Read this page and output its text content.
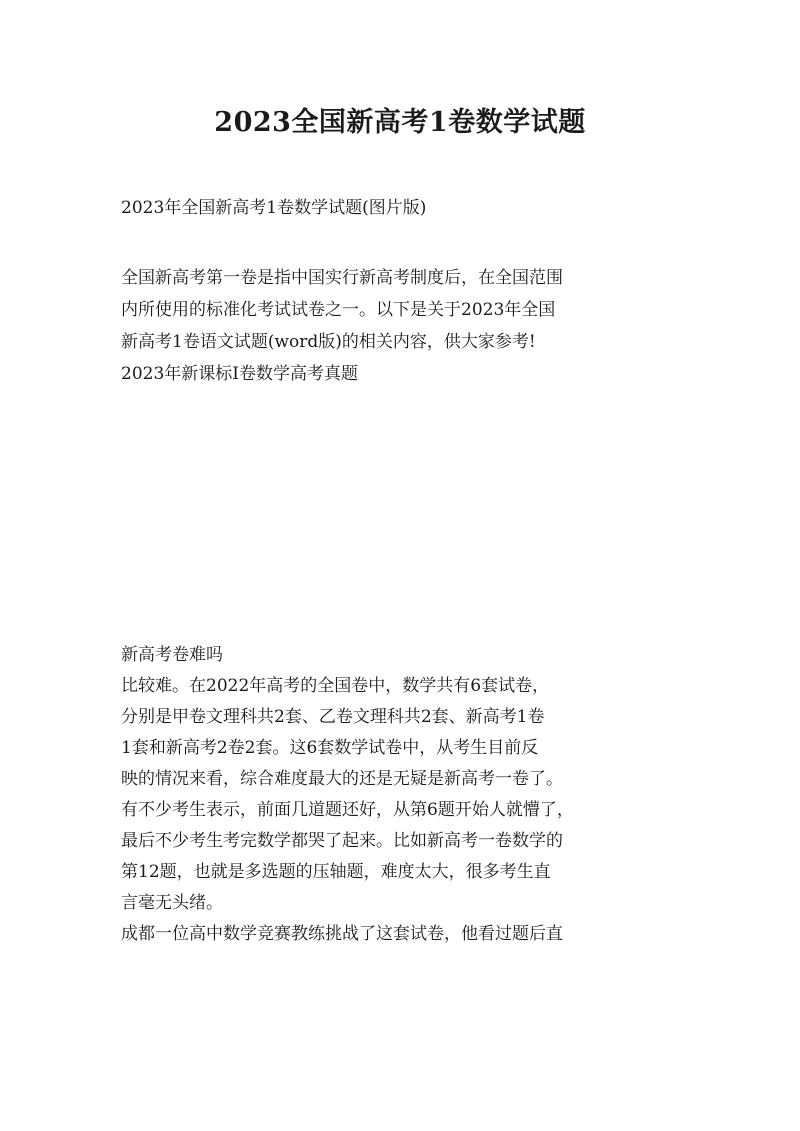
2023全国新高考1卷数学试题

2023年全国新高考1卷数学试题(图片版)

全国新高考第一卷是指中国实行新高考制度后，在全国范围
内所使用的标准化考试试卷之一。以下是关于2023年全国
新高考1卷语文试题(word版)的相关内容，供大家参考!
2023年新课标I卷数学高考真题
新高考卷难吗
比较难。在2022年高考的全国卷中，数学共有6套试卷，
分别是甲卷文理科共2套、乙卷文理科共2套、新高考1卷
1套和新高考2卷2套。这6套数学试卷中，从考生目前反
映的情况来看，综合难度最大的还是无疑是新高考一卷了。
有不少考生表示，前面几道题还好，从第6题开始人就懵了，
最后不少考生考完数学都哭了起来。比如新高考一卷数学的
第12题，也就是多选题的压轴题，难度太大，很多考生直
言毫无头绪。
成都一位高中数学竞赛教练挑战了这套试卷，他看过题后直
